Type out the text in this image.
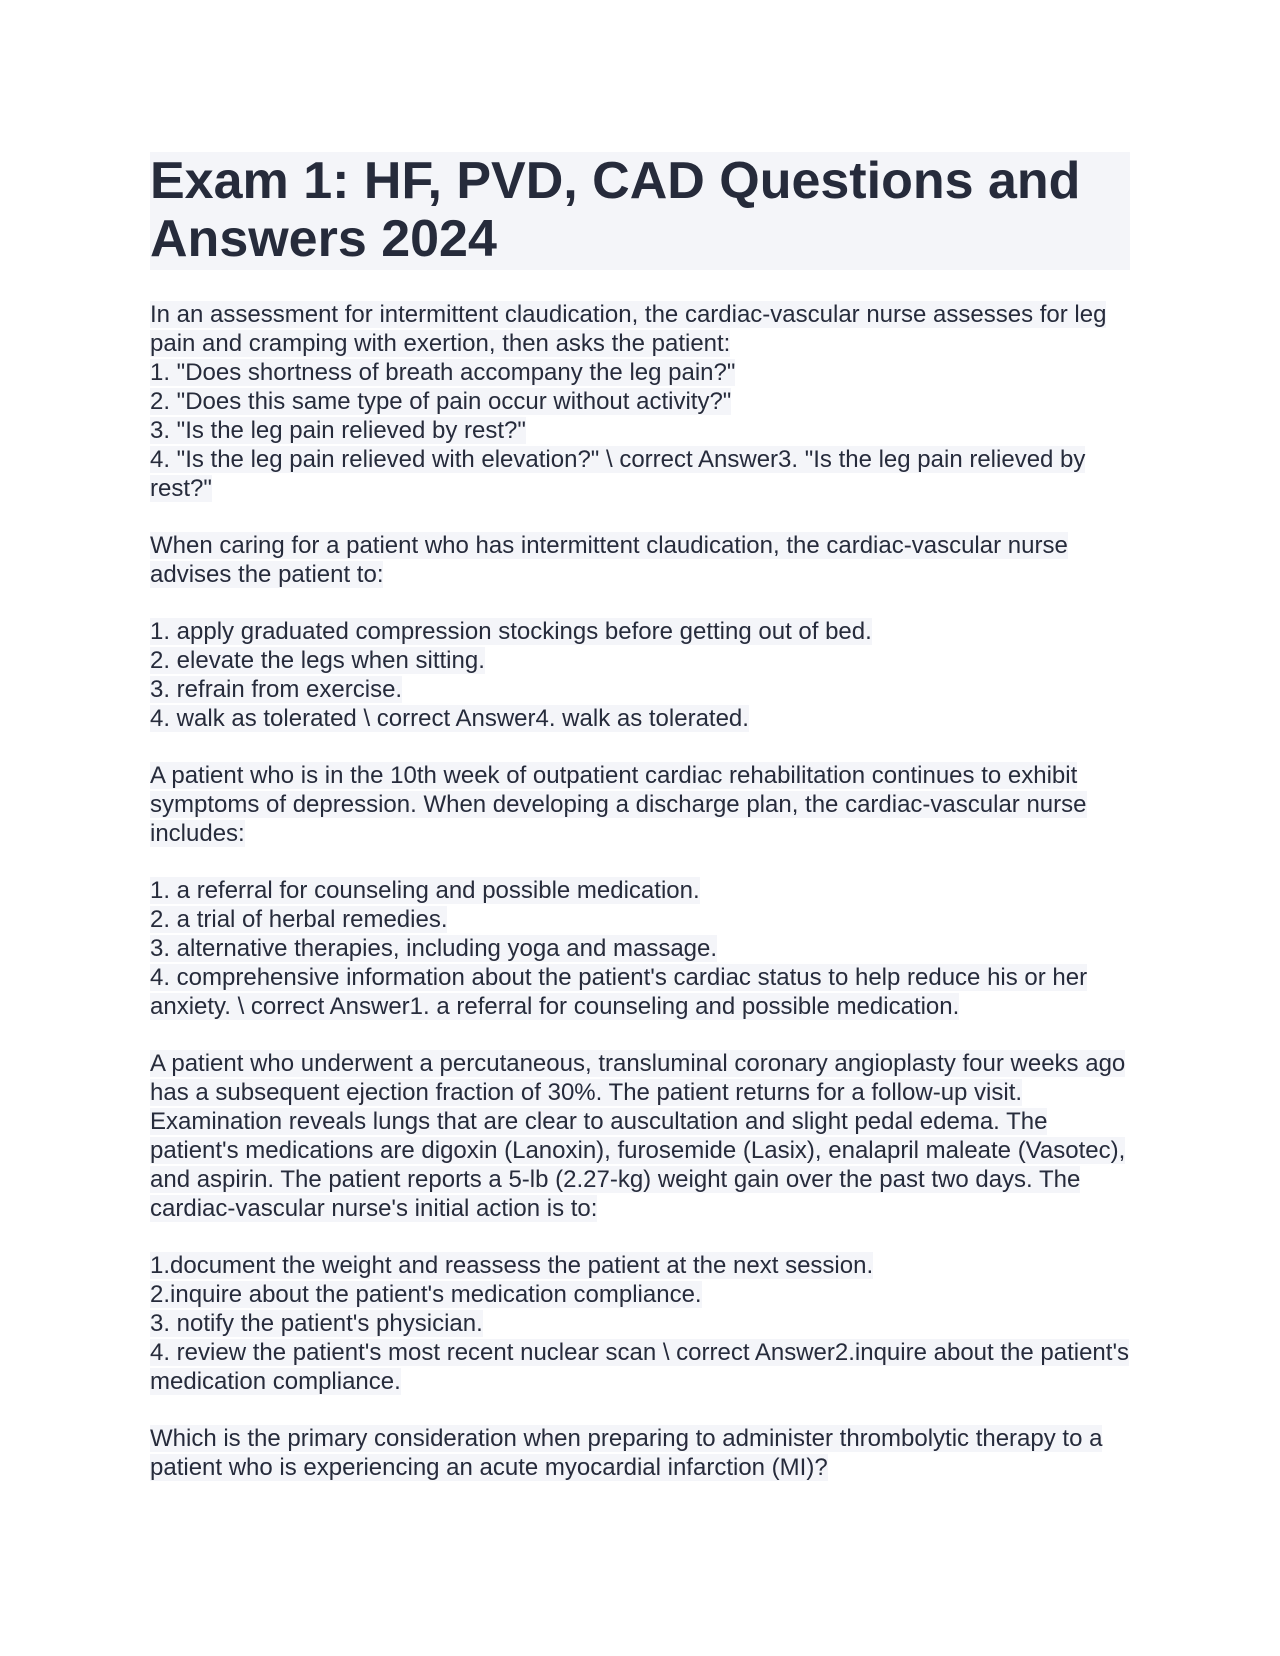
Exam 1: HF, PVD, CAD Questions and Answers 2024
In an assessment for intermittent claudication, the cardiac-vascular nurse assesses for leg pain and cramping with exertion, then asks the patient:
1. "Does shortness of breath accompany the leg pain?"
2. "Does this same type of pain occur without activity?"
3. "Is the leg pain relieved by rest?"
4. "Is the leg pain relieved with elevation?" \ correct Answer3. "Is the leg pain relieved by rest?"
When caring for a patient who has intermittent claudication, the cardiac-vascular nurse advises the patient to:
1. apply graduated compression stockings before getting out of bed.
2. elevate the legs when sitting.
3. refrain from exercise.
4. walk as tolerated \ correct Answer4. walk as tolerated.
A patient who is in the 10th week of outpatient cardiac rehabilitation continues to exhibit symptoms of depression. When developing a discharge plan, the cardiac-vascular nurse includes:
1. a referral for counseling and possible medication.
2. a trial of herbal remedies.
3. alternative therapies, including yoga and massage.
4. comprehensive information about the patient's cardiac status to help reduce his or her anxiety. \ correct Answer1. a referral for counseling and possible medication.
A patient who underwent a percutaneous, transluminal coronary angioplasty four weeks ago has a subsequent ejection fraction of 30%. The patient returns for a follow-up visit. Examination reveals lungs that are clear to auscultation and slight pedal edema. The patient's medications are digoxin (Lanoxin), furosemide (Lasix), enalapril maleate (Vasotec), and aspirin. The patient reports a 5-lb (2.27-kg) weight gain over the past two days. The cardiac-vascular nurse's initial action is to:
1.document the weight and reassess the patient at the next session.
2.inquire about the patient's medication compliance.
3. notify the patient's physician.
4. review the patient's most recent nuclear scan \ correct Answer2.inquire about the patient's medication compliance.
Which is the primary consideration when preparing to administer thrombolytic therapy to a patient who is experiencing an acute myocardial infarction (MI)?
